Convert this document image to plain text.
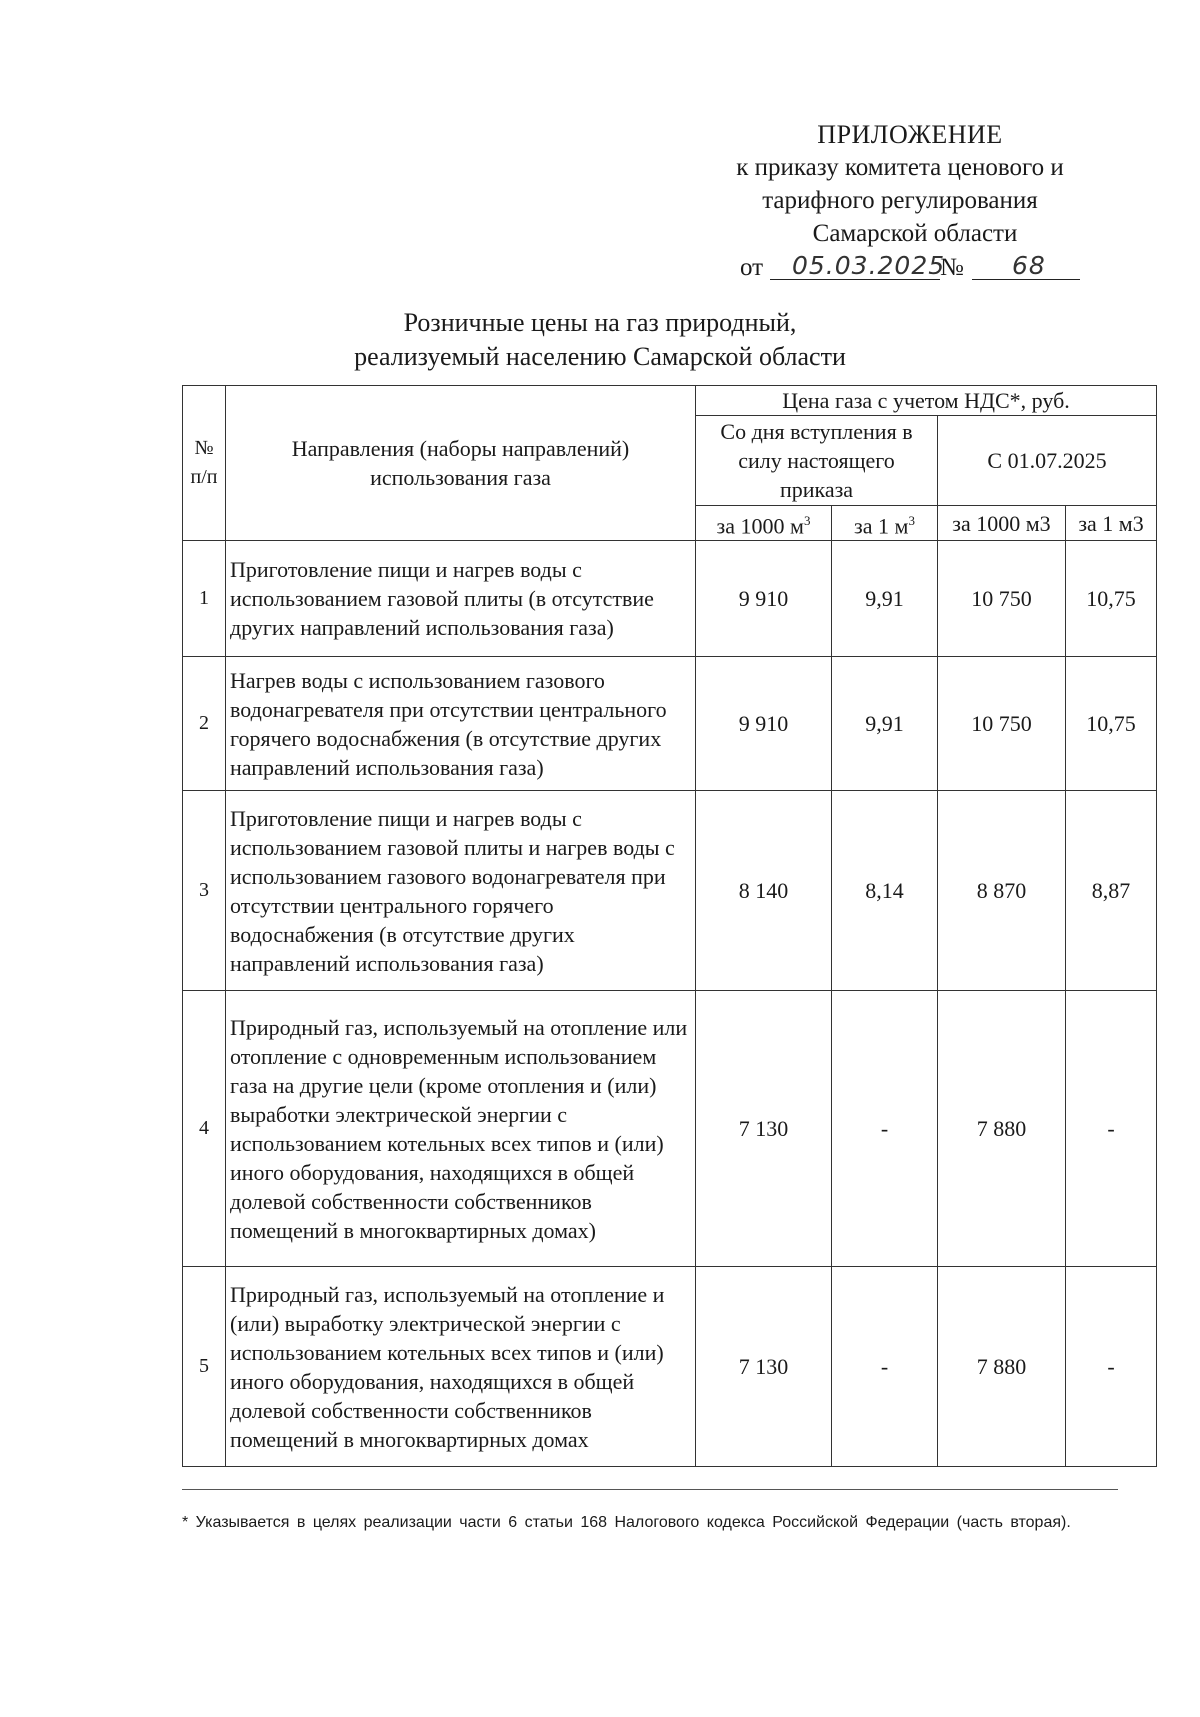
ПРИЛОЖЕНИЕ
к приказу комитета ценового и
тарифного регулирования
Самарской области
от 05.03.2025
№ 68
Розничные цены на газ природный,
реализуемый населению Самарской области
№ п/п	Направления (наборы направлений) использования газа	Цена газа с учетом НДС*, руб.			
		Со дня вступления в силу настоящего приказа		С 01.07.2025	
		за 1000 $м^3$	за 1 $м^3$	за 1000 м3	за 1 м3
1	Приготовление пищи и нагрев воды с использованием газовой плиты (в отсутствие других направлений использования газа)	9 910	9,91	10 750	10,75
2	Нагрев воды с использованием газового водонагревателя при отсутствии центрального горячего водоснабжения (в отсутствие других направлений использования газа)	9 910	9,91	10 750	10,75
3	Приготовление пищи и нагрев воды с использованием газовой плиты и нагрев воды с использованием газового водонагревателя при отсутствии центрального горячего водоснабжения (в отсутствие других направлений использования газа)	8 140	8,14	8 870	8,87
4	Природный газ, используемый на отопление или отопление с одновременным использованием газа на другие цели (кроме отопления и (или) выработки электрической энергии с использованием котельных всех типов и (или) иного оборудования, находящихся в общей долевой собственности собственников помещений в многоквартирных домах)	7 130	-	7 880	-
5	Природный газ, используемый на отопление и (или) выработку электрической энергии с использованием котельных всех типов и (или) иного оборудования, находящихся в общей долевой собственности собственников помещений в многоквартирных домах	7 130	-	7 880	-
* Указывается в целях реализации части 6 статьи 168 Налогового кодекса Российской Федерации (часть вторая).
